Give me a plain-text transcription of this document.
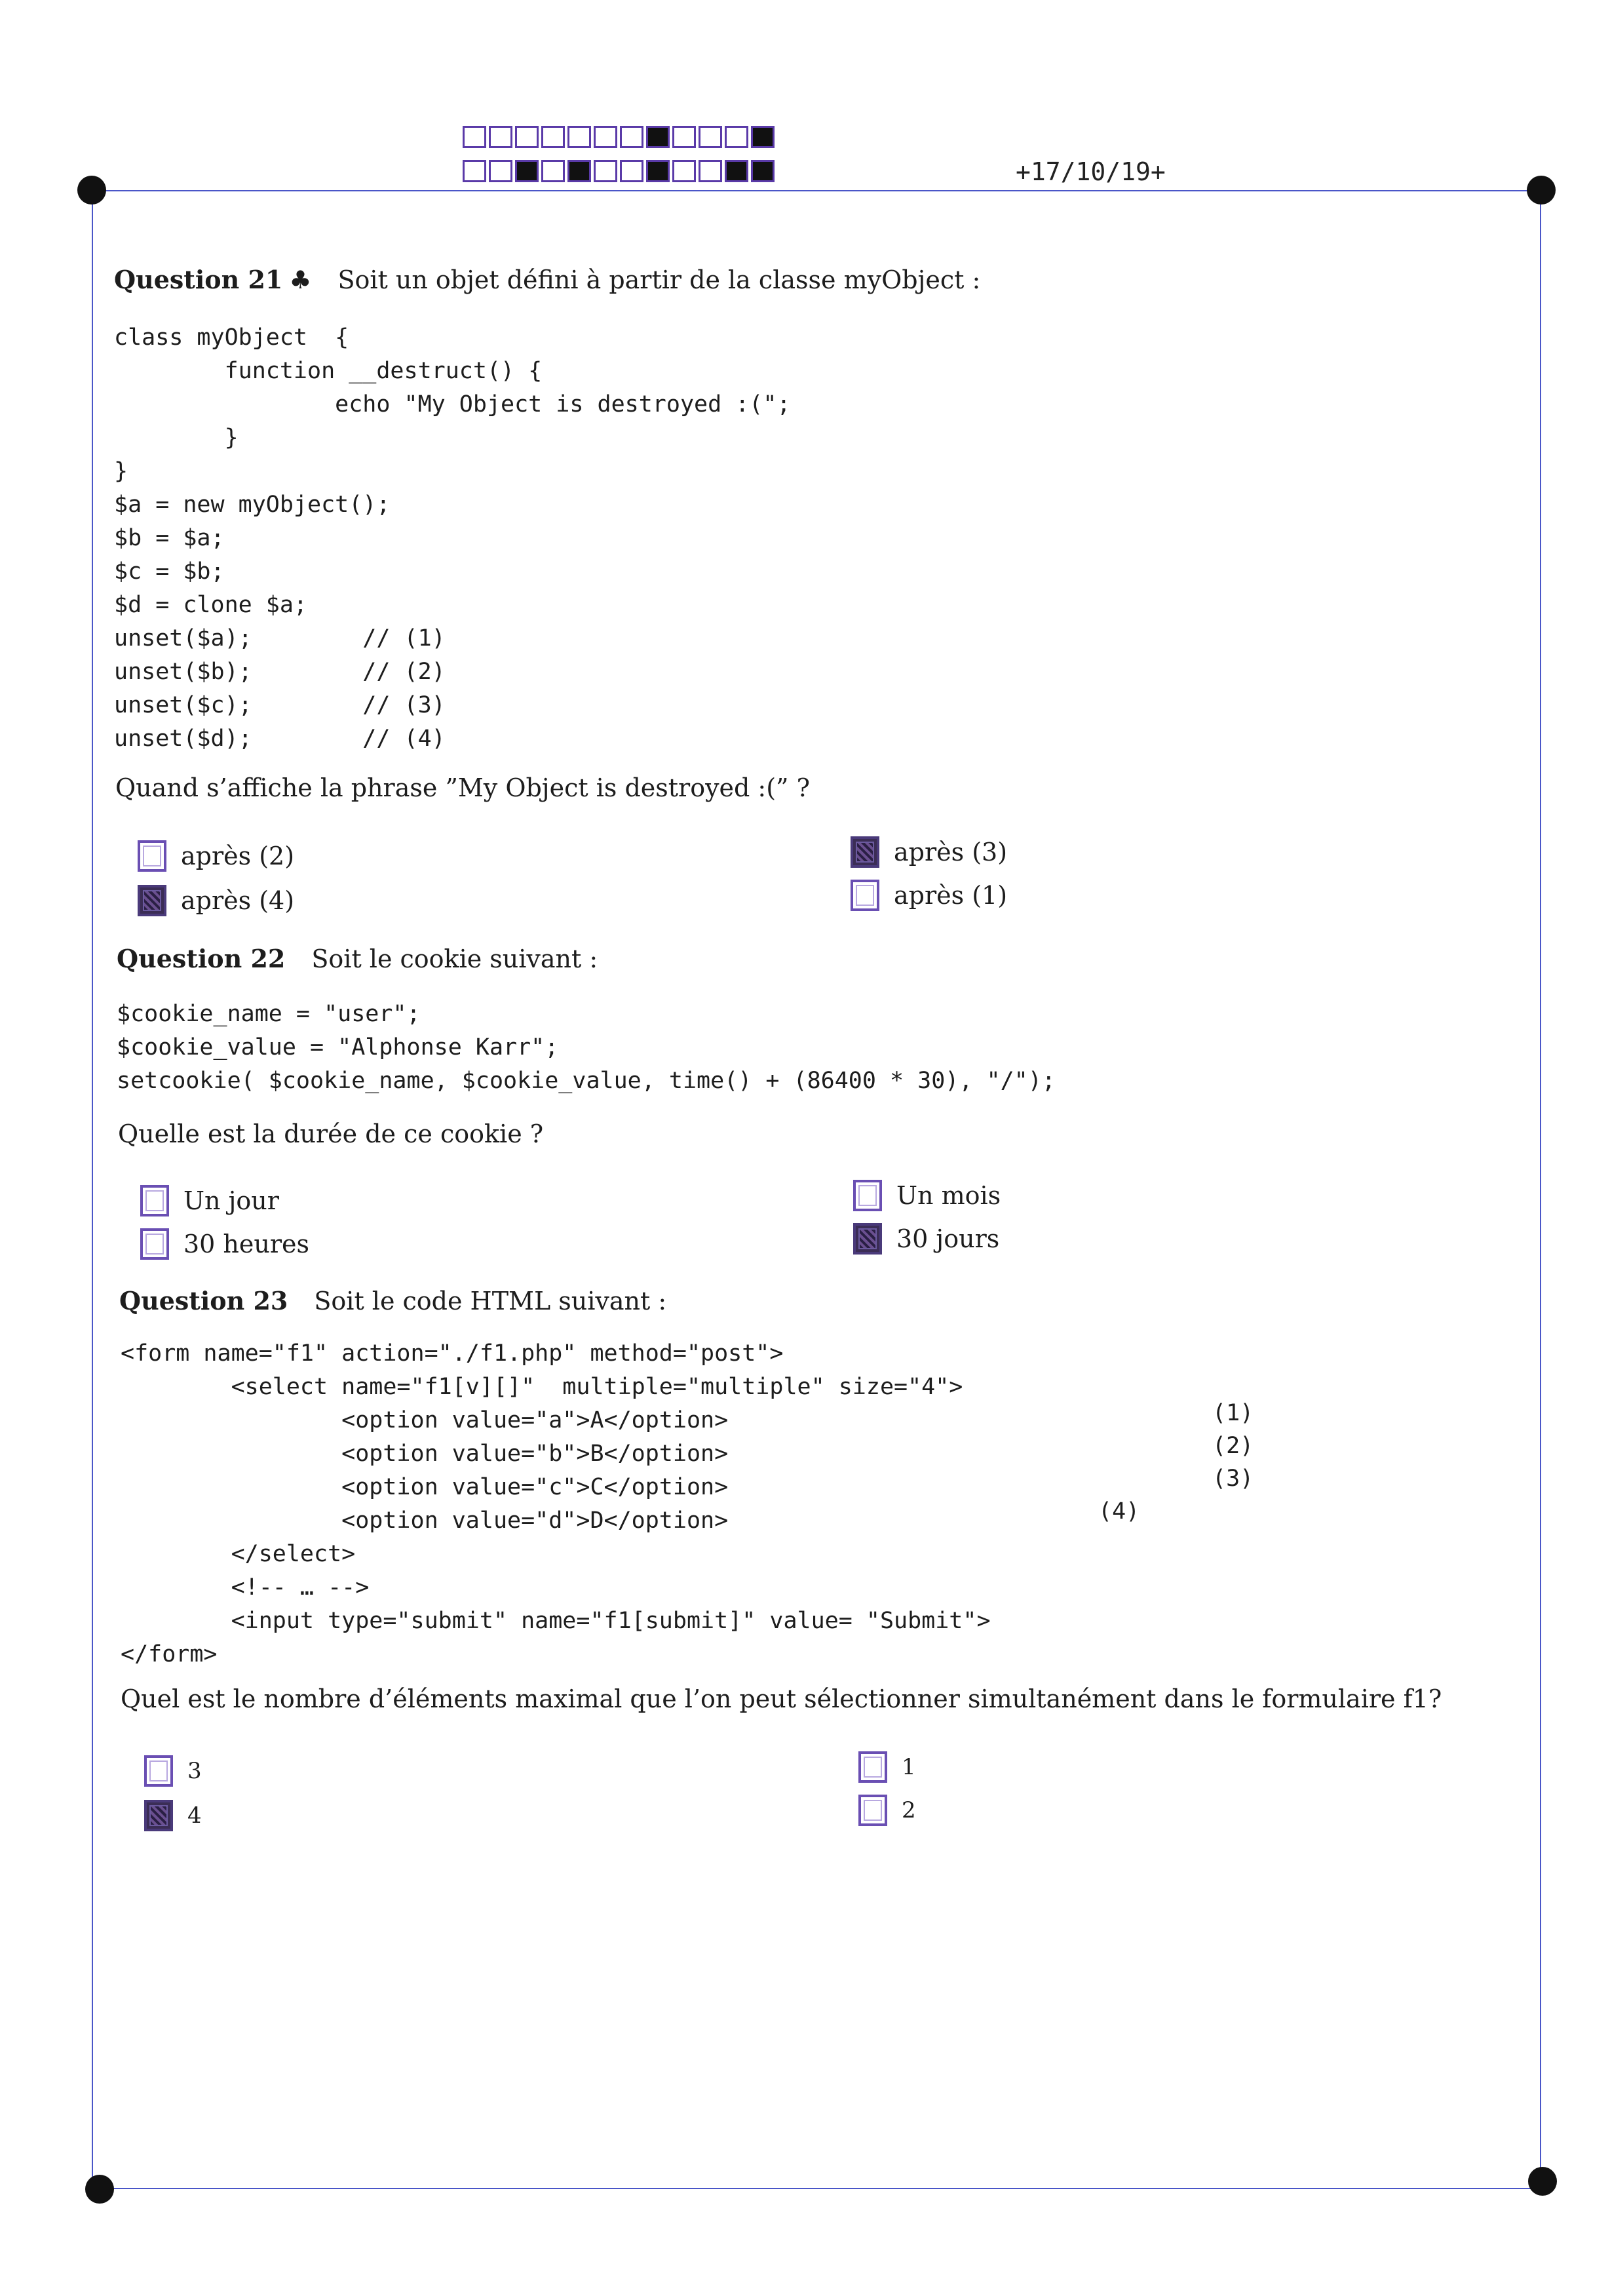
+17/10/19+
Question 21 ♣ Soit un objet défini à partir de la classe myObject :
class myObject  {
function __destruct() {
echo "My Object is destroyed :(";
}
}
$a = new myObject();
$b = $a;
$c = $b;
$d = clone $a;
unset($a);        // (1)
unset($b);        // (2)
unset($c);        // (3)
unset($d);        // (4)
Quand s’affiche la phrase ”My Object is destroyed :(” ?
après (2)
après (4)
après (3)
après (1)
Question 22 Soit le cookie suivant :
$cookie_name = "user";
$cookie_value = "Alphonse Karr";
setcookie( $cookie_name, $cookie_value, time() + (86400 * 30), "/");
Quelle est la durée de ce cookie ?
Un jour
30 heures
Un mois
30 jours
Question 23 Soit le code HTML suivant :
<form name="f1" action="./f1.php" method="post">
<select name="f1[v][]"  multiple="multiple" size="4">
<option value="a">A</option>
<option value="b">B</option>
<option value="c">C</option>
<option value="d">D</option>
</select>
<!-- … -->
<input type="submit" name="f1[submit]" value= "Submit">
</form>
(1)
(2)
(3)
(4)
Quel est le nombre d’éléments maximal que l’on peut sélectionner simultanément dans le formulaire f1?
3
4
1
2
